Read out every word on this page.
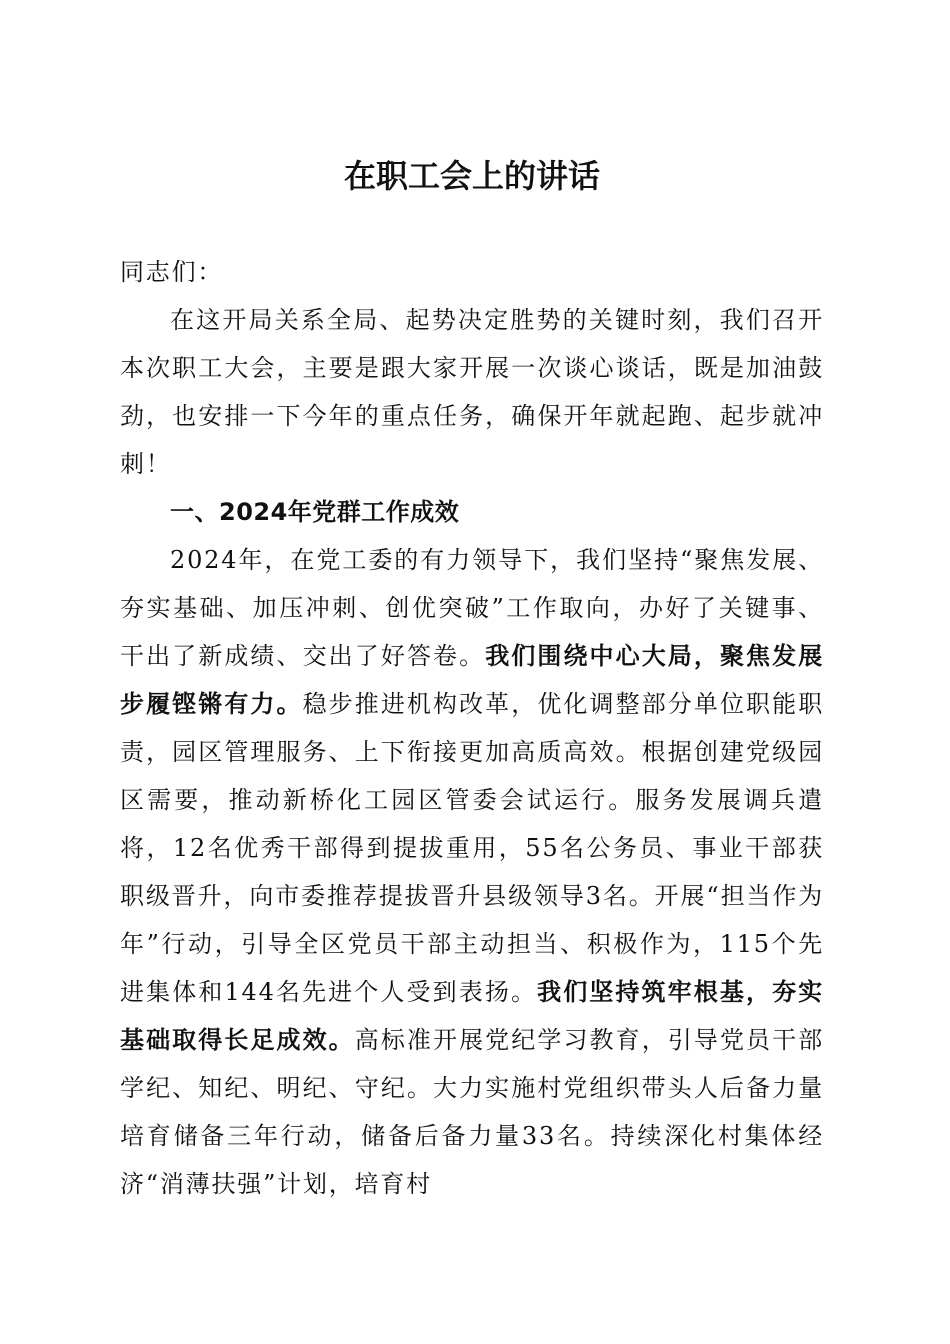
在职工会上的讲话

同志们：

在这开局关系全局、起势决定胜势的关键时刻，我们召开本次职工大会，主要是跟大家开展一次谈心谈话，既是加油鼓劲，也安排一下今年的重点任务，确保开年就起跑、起步就冲刺！

一、2024年党群工作成效

2024年，在党工委的有力领导下，我们坚持“聚焦发展、夯实基础、加压冲刺、创优突破”工作取向，办好了关键事、干出了新成绩、交出了好答卷。我们围绕中心大局，聚焦发展步履铿锵有力。稳步推进机构改革，优化调整部分单位职能职责，园区管理服务、上下衔接更加高质高效。根据创建党级园区需要，推动新桥化工园区管委会试运行。服务发展调兵遣将，12名优秀干部得到提拔重用，55名公务员、事业干部获职级晋升，向市委推荐提拔晋升县级领导3名。开展“担当作为年”行动，引导全区党员干部主动担当、积极作为，115个先进集体和144名先进个人受到表扬。我们坚持筑牢根基，夯实基础取得长足成效。高标准开展党纪学习教育，引导党员干部学纪、知纪、明纪、守纪。大力实施村党组织带头人后备力量培育储备三年行动，储备后备力量33名。持续深化村集体经济“消薄扶强”计划，培育村
